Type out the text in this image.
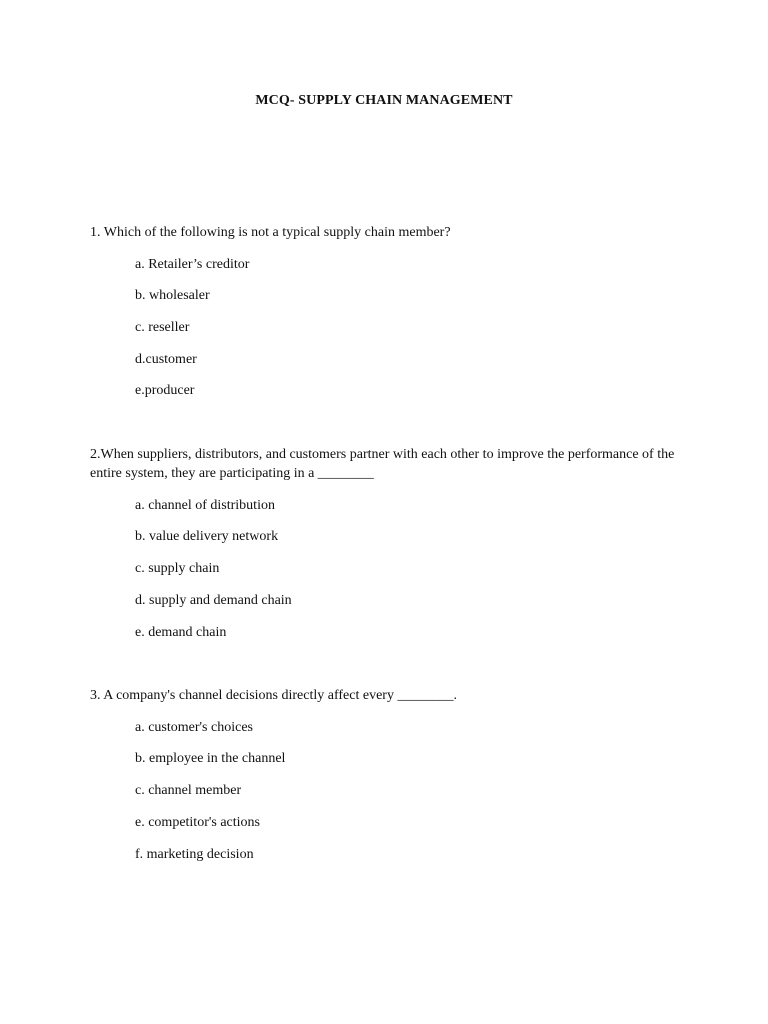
MCQ- SUPPLY CHAIN MANAGEMENT
1. Which of the following is not a typical supply chain member?
a. Retailer’s creditor
b. wholesaler
c. reseller
d.customer
e.producer
2.When suppliers, distributors, and customers partner with each other to improve the performance of the entire system, they are participating in a ________
a. channel of distribution
b. value delivery network
c. supply chain
d. supply and demand chain
e. demand chain
3. A company's channel decisions directly affect every ________.
a. customer's choices
b. employee in the channel
c. channel member
e. competitor's actions
f. marketing decision
